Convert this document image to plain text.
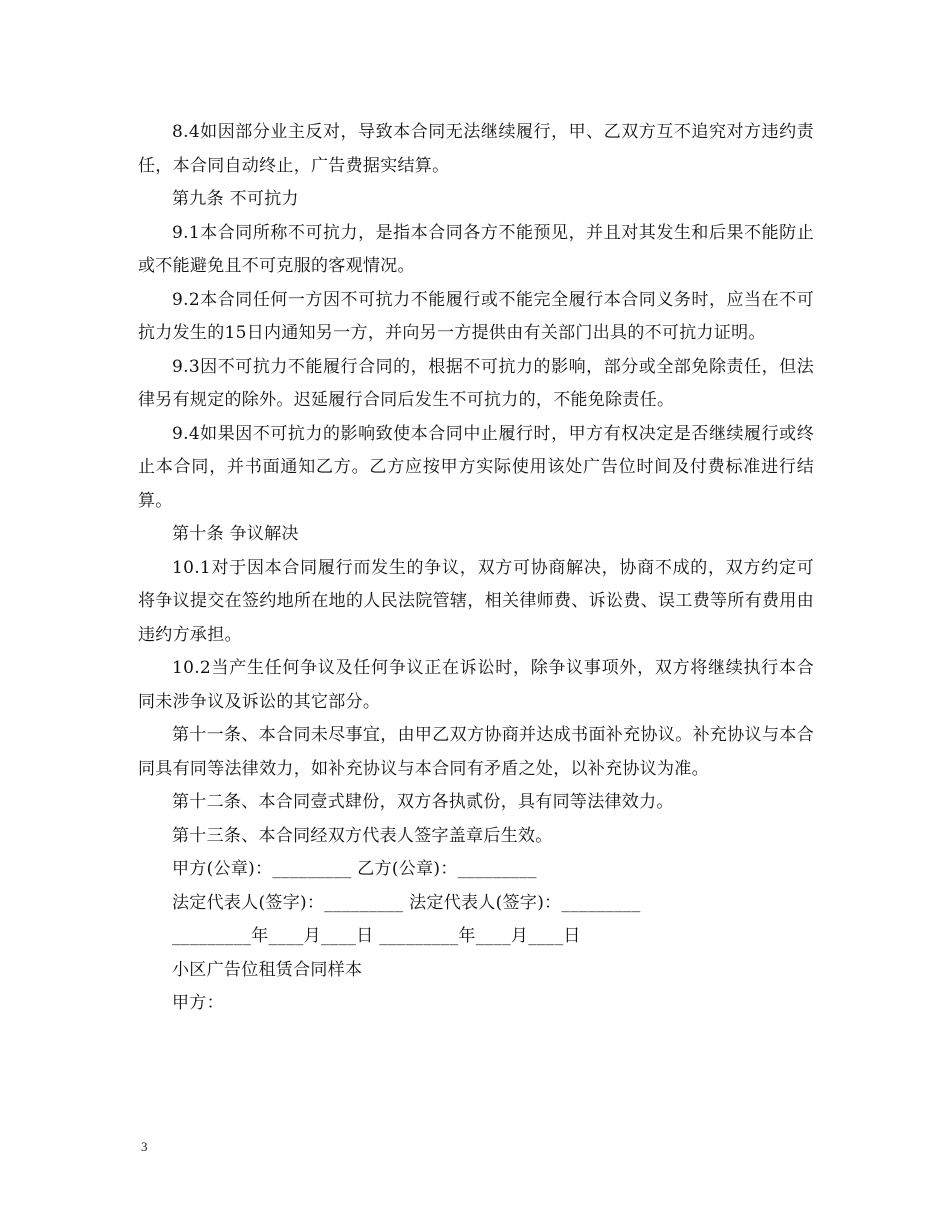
8.4如因部分业主反对，导致本合同无法继续履行，甲、乙双方互不追究对方违约责任，本合同自动终止，广告费据实结算。

第九条 不可抗力

9.1本合同所称不可抗力，是指本合同各方不能预见，并且对其发生和后果不能防止或不能避免且不可克服的客观情况。

9.2本合同任何一方因不可抗力不能履行或不能完全履行本合同义务时，应当在不可抗力发生的15日内通知另一方，并向另一方提供由有关部门出具的不可抗力证明。

9.3因不可抗力不能履行合同的，根据不可抗力的影响，部分或全部免除责任，但法律另有规定的除外。迟延履行合同后发生不可抗力的，不能免除责任。

9.4如果因不可抗力的影响致使本合同中止履行时，甲方有权决定是否继续履行或终止本合同，并书面通知乙方。乙方应按甲方实际使用该处广告位时间及付费标准进行结算。

第十条 争议解决

10.1对于因本合同履行而发生的争议，双方可协商解决，协商不成的，双方约定可将争议提交在签约地所在地的人民法院管辖，相关律师费、诉讼费、误工费等所有费用由违约方承担。

10.2当产生任何争议及任何争议正在诉讼时，除争议事项外，双方将继续执行本合同未涉争议及诉讼的其它部分。

第十一条、本合同未尽事宜，由甲乙双方协商并达成书面补充协议。补充协议与本合同具有同等法律效力，如补充协议与本合同有矛盾之处，以补充协议为准。

第十二条、本合同壹式肆份，双方各执贰份，具有同等法律效力。

第十三条、本合同经双方代表人签字盖章后生效。

甲方(公章)：_________ 乙方(公章)：_________

法定代表人(签字)：_________ 法定代表人(签字)：_________

_________年____月____日 _________年____月____日

小区广告位租赁合同样本

甲方：

3
